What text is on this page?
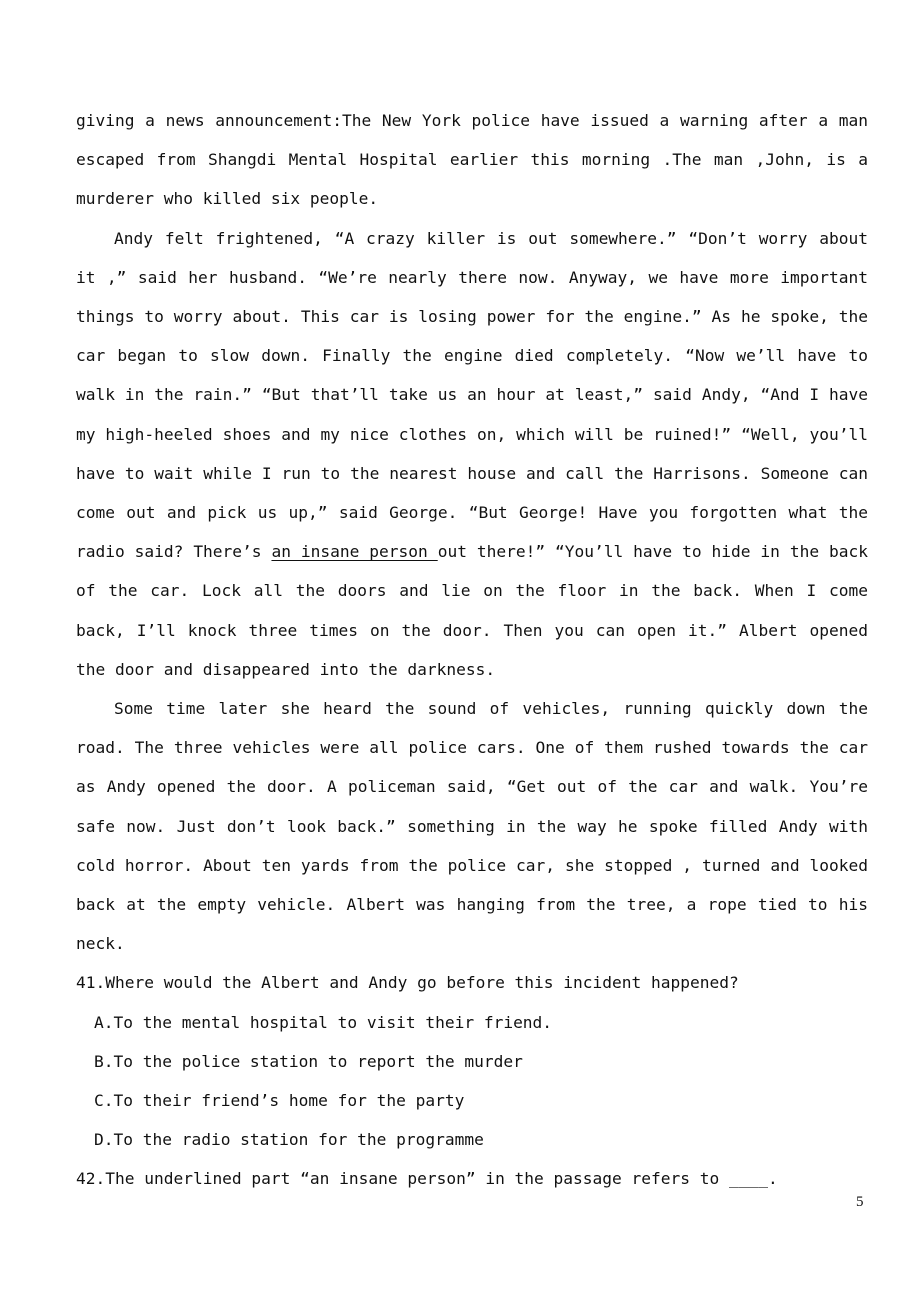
giving a news announcement:The New York police have issued a warning after a man escaped from Shangdi Mental Hospital earlier this morning .The man ,John, is a murderer who killed six people.

Andy felt frightened, “A crazy killer is out somewhere.” “Don’t worry about it ,” said her husband. “We’re nearly there now. Anyway, we have more important things to worry about. This car is losing power for the engine.” As he spoke, the car began to slow down. Finally the engine died completely. “Now we’ll have to walk in the rain.” “But that’ll take us an hour at least,” said Andy, “And I have my high-heeled shoes and my nice clothes on, which will be ruined!” “Well, you’ll have to wait while I run to the nearest house and call the Harrisons. Someone can come out and pick us up,” said George. “But George! Have you forgotten what the radio said? There’s an insane person out there!” “You’ll have to hide in the back of the car. Lock all the doors and lie on the floor in the back. When I come back, I’ll knock three times on the door. Then you can open it.” Albert opened the door and disappeared into the darkness.

Some time later she heard the sound of vehicles, running quickly down the road. The three vehicles were all police cars. One of them rushed towards the car as Andy opened the door. A policeman said, “Get out of the car and walk. You’re safe now. Just don’t look back.” something in the way he spoke filled Andy with cold horror. About ten yards from the police car, she stopped , turned and looked back at the empty vehicle. Albert was hanging from the tree, a rope tied to his neck.

41.Where would the Albert and Andy go before this incident happened?

A.To the mental hospital to visit their friend.

B.To the police station to report the murder

C.To their friend’s home for the party

D.To the radio station for the programme

42.The underlined part “an insane person” in the passage refers to ____.

5
